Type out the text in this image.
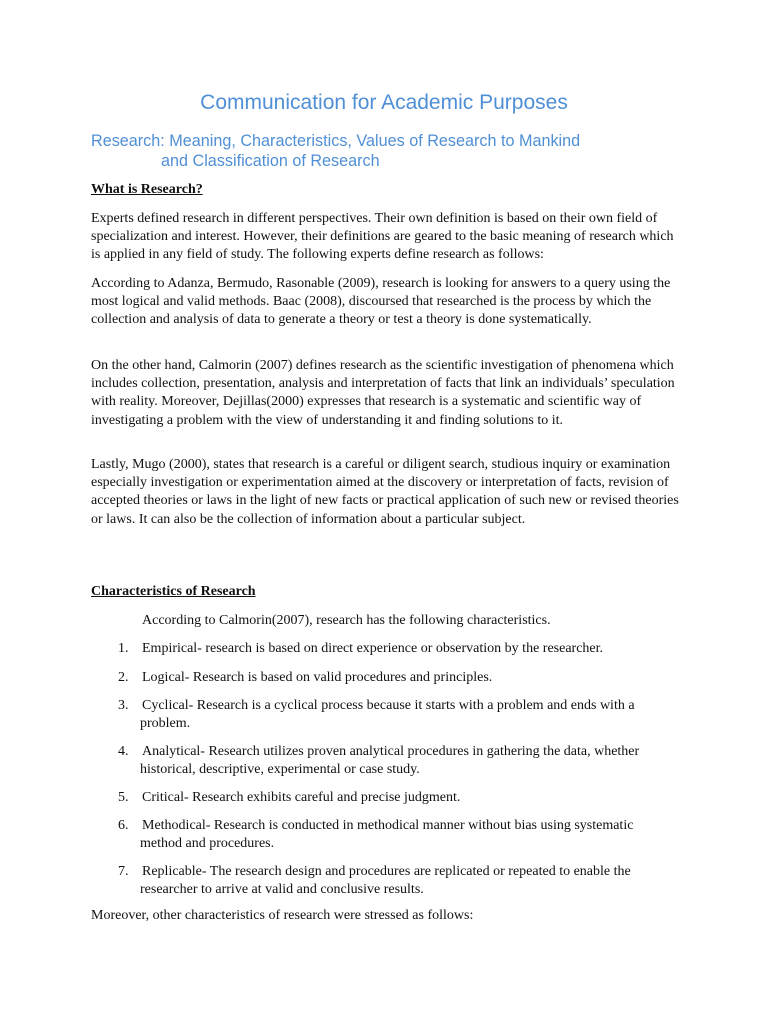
Communication for Academic Purposes
Research: Meaning, Characteristics, Values of Research to Mankind
and Classification of Research

What is Research?

Experts defined research in different perspectives. Their own definition is based on their own field of specialization and interest. However, their definitions are geared to the basic meaning of research which is applied in any field of study. The following experts define research as follows:

According to Adanza, Bermudo, Rasonable (2009), research is looking for answers to a query using the most logical and valid methods. Baac (2008), discoursed that researched is the process by which the collection and analysis of data to generate a theory or test a theory is done systematically.

On the other hand, Calmorin (2007) defines research as the scientific investigation of phenomena which includes collection, presentation, analysis and interpretation of facts that link an individuals’ speculation with reality. Moreover, Dejillas(2000) expresses that research is a systematic and scientific way of investigating a problem with the view of understanding it and finding solutions to it.

Lastly, Mugo (2000), states that research is a careful or diligent search, studious inquiry or examination especially investigation or experimentation aimed at the discovery or interpretation of facts, revision of accepted theories or laws in the light of new facts or practical application of such new or revised theories or laws. It can also be the collection of information about a particular subject.

Characteristics of Research

According to Calmorin(2007), research has the following characteristics.

1. Empirical- research is based on direct experience or observation by the researcher.
2. Logical- Research is based on valid procedures and principles.
3. Cyclical- Research is a cyclical process because it starts with a problem and ends with a
problem.
4. Analytical- Research utilizes proven analytical procedures in gathering the data, whether
historical, descriptive, experimental or case study.
5. Critical- Research exhibits careful and precise judgment.
6. Methodical- Research is conducted in methodical manner without bias using systematic
method and procedures.
7. Replicable- The research design and procedures are replicated or repeated to enable the
researcher to arrive at valid and conclusive results.

Moreover, other characteristics of research were stressed as follows:
